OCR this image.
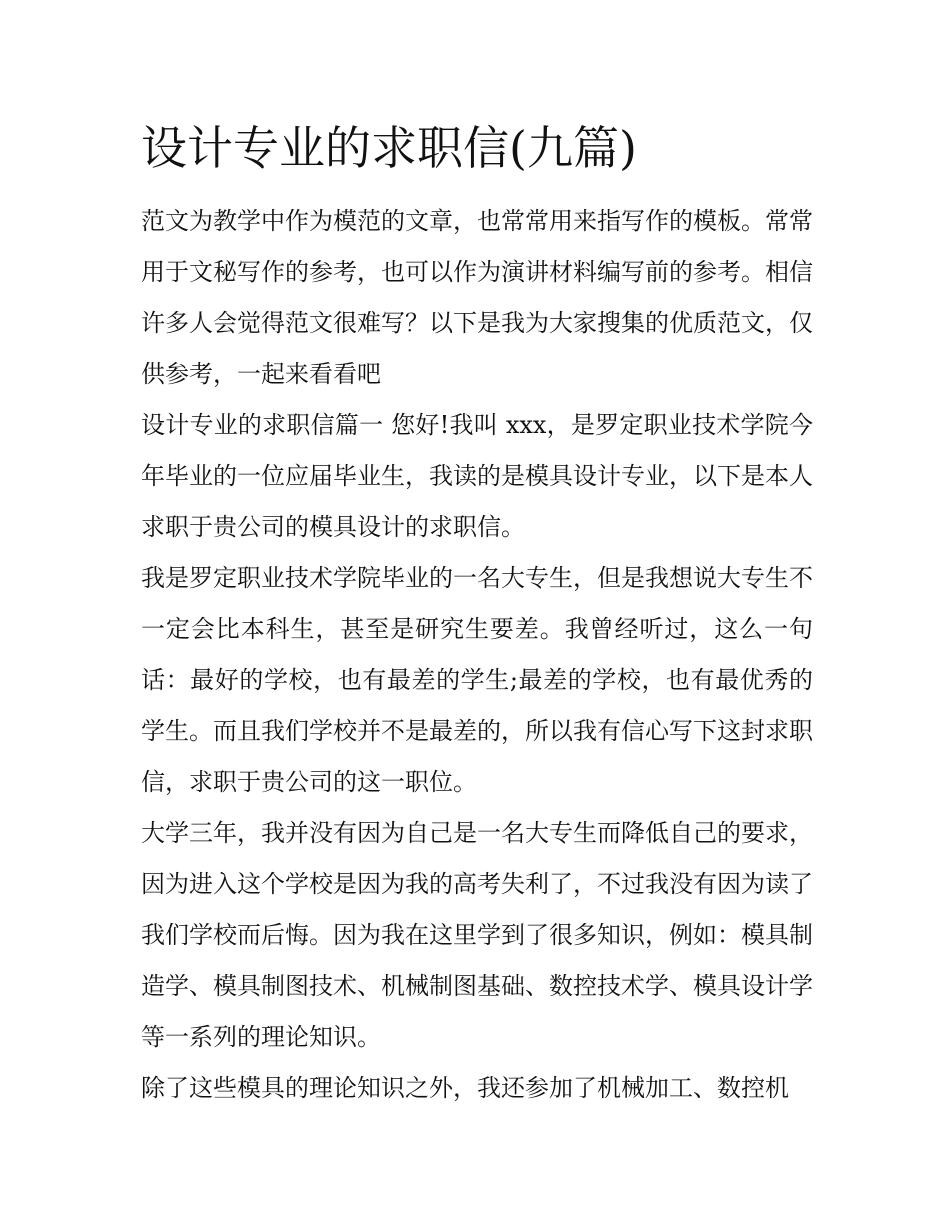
设计专业的求职信(九篇)

范文为教学中作为模范的文章，也常常用来指写作的模板。常常用于文秘写作的参考，也可以作为演讲材料编写前的参考。相信许多人会觉得范文很难写？以下是我为大家搜集的优质范文，仅供参考，一起来看看吧

设计专业的求职信篇一 您好!我叫 xxx，是罗定职业技术学院今年毕业的一位应届毕业生，我读的是模具设计专业，以下是本人求职于贵公司的模具设计的求职信。

我是罗定职业技术学院毕业的一名大专生，但是我想说大专生不一定会比本科生，甚至是研究生要差。我曾经听过，这么一句话：最好的学校，也有最差的学生;最差的学校，也有最优秀的学生。而且我们学校并不是最差的，所以我有信心写下这封求职信，求职于贵公司的这一职位。

大学三年，我并没有因为自己是一名大专生而降低自己的要求，因为进入这个学校是因为我的高考失利了，不过我没有因为读了我们学校而后悔。因为我在这里学到了很多知识，例如：模具制造学、模具制图技术、机械制图基础、数控技术学、模具设计学等一系列的理论知识。

除了这些模具的理论知识之外，我还参加了机械加工、数控机
